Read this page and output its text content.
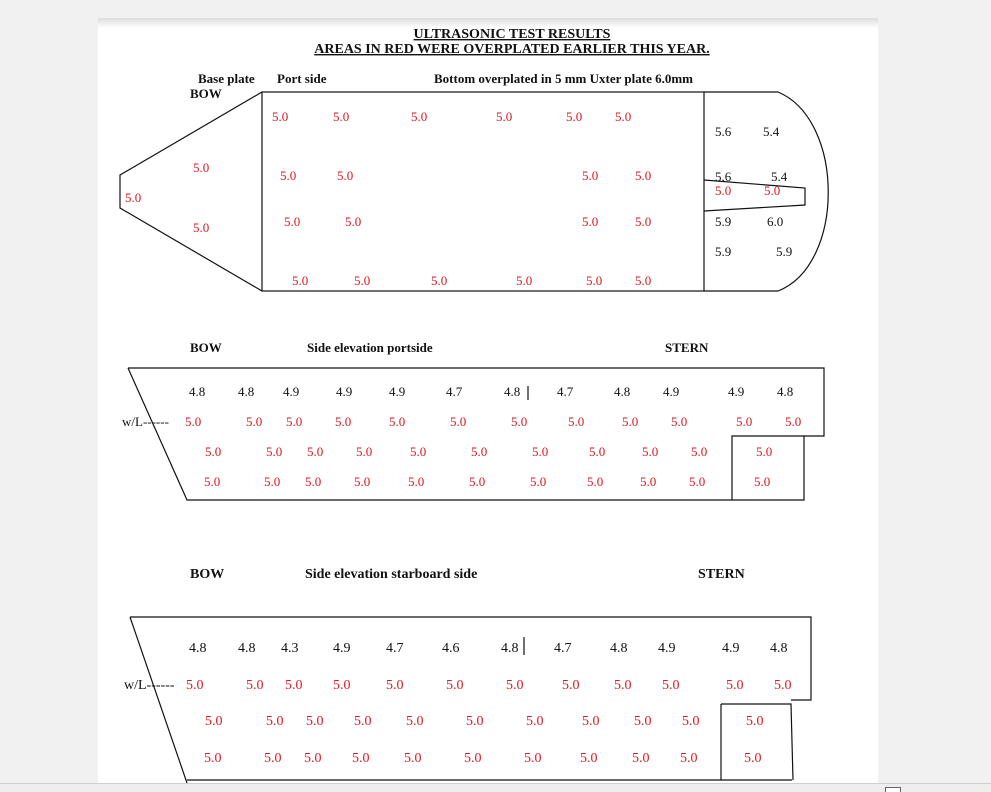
ULTRASONIC TEST RESULTS
AREAS IN RED WERE OVERPLATED EARLIER THIS YEAR.
Base plate Port side
BOW
Bottom overplated in 5 mm Uxter plate 6.0mm
5.0
5.0
5.0
5.0	5.0	5.0	5.0	5.0	5.0
5.0	5.0	5.0	5.0
5.0	5.0	5.0	5.0
5.0	5.0	5.0	5.0	5.0	5.0
5.6 5.4
5.6	5.4
5.9	6.0
5.9	5.9
5.0	5.0
BOW	Side elevation portside	STERN
w/L------
4.8	4.8 4.9	4.9	4.9	4.7	4.8	4.7	4.8	4.9	4.9	4.8
5.0	5.0 5.0	5.0	5.0	5.0	5.0	5.0	5.0	5.0	5.0	5.0
5.0	5.0 5.0	5.0	5.0	5.0	5.0	5.0	5.0	5.0	5.0
5.0	5.0 5.0	5.0	5.0	5.0	5.0	5.0	5.0	5.0	5.0
BOW	Side elevation starboard side	STERN
w/L------
4.8 4.8 4.3 4.9	4.7	4.6	4.8	4.7	4.8 4.9	4.9 4.8
5.0	5.0 5.0 5.0	5.0	5.0	5.0	5.0 5.0 5.0	5.0 5.0
5.0	5.0 5.0 5.0 5.0	5.0	5.0	5.0 5.0 5.0	5.0
5.0	5.0 5.0 5.0 5.0	5.0	5.0	5.0 5.0 5.0	5.0
